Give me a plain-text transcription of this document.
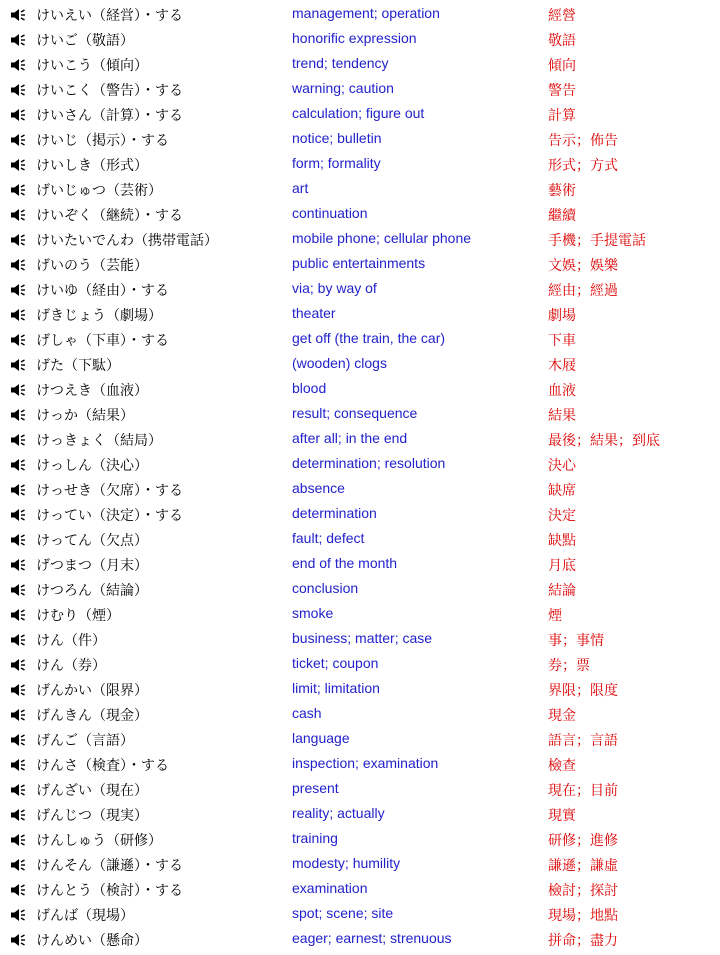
けいえい（経営）・する	management; operation	經營
けいご（敬語）	honorific expression	敬語
けいこう（傾向）	trend; tendency	傾向
けいこく（警告）・する	warning; caution	警告
けいさん（計算）・する	calculation; figure out	計算
けいじ（掲示）・する	notice; bulletin	告示；佈告
けいしき（形式）	form; formality	形式；方式
げいじゅつ（芸術）	art	藝術
けいぞく（継続）・する	continuation	繼續
けいたいでんわ（携帯電話）	mobile phone; cellular phone	手機；手提電話
げいのう（芸能）	public entertainments	文娛；娛樂
けいゆ（経由）・する	via; by way of	經由；經過
げきじょう（劇場）	theater	劇場
げしゃ（下車）・する	get off (the train, the car)	下車
げた（下駄）	(wooden) clogs	木屐
けつえき（血液）	blood	血液
けっか（結果）	result; consequence	結果
けっきょく（結局）	after all; in the end	最後；結果；到底
けっしん（決心）	determination; resolution	決心
けっせき（欠席）・する	absence	缺席
けってい（決定）・する	determination	決定
けってん（欠点）	fault; defect	缺點
げつまつ（月末）	end of the month	月底
けつろん（結論）	conclusion	結論
けむり（煙）	smoke	煙
けん（件）	business; matter; case	事；事情
けん（券）	ticket; coupon	券；票
げんかい（限界）	limit; limitation	界限；限度
げんきん（現金）	cash	現金
げんご（言語）	language	語言；言語
けんさ（検査）・する	inspection; examination	檢查
げんざい（現在）	present	現在；目前
げんじつ（現実）	reality; actually	現實
けんしゅう（研修）	training	研修；進修
けんそん（謙遜）・する	modesty; humility	謙遜；謙虛
けんとう（検討）・する	examination	檢討；探討
げんば（現場）	spot; scene; site	現場；地點
けんめい（懸命）	eager; earnest; strenuous	拼命；盡力
